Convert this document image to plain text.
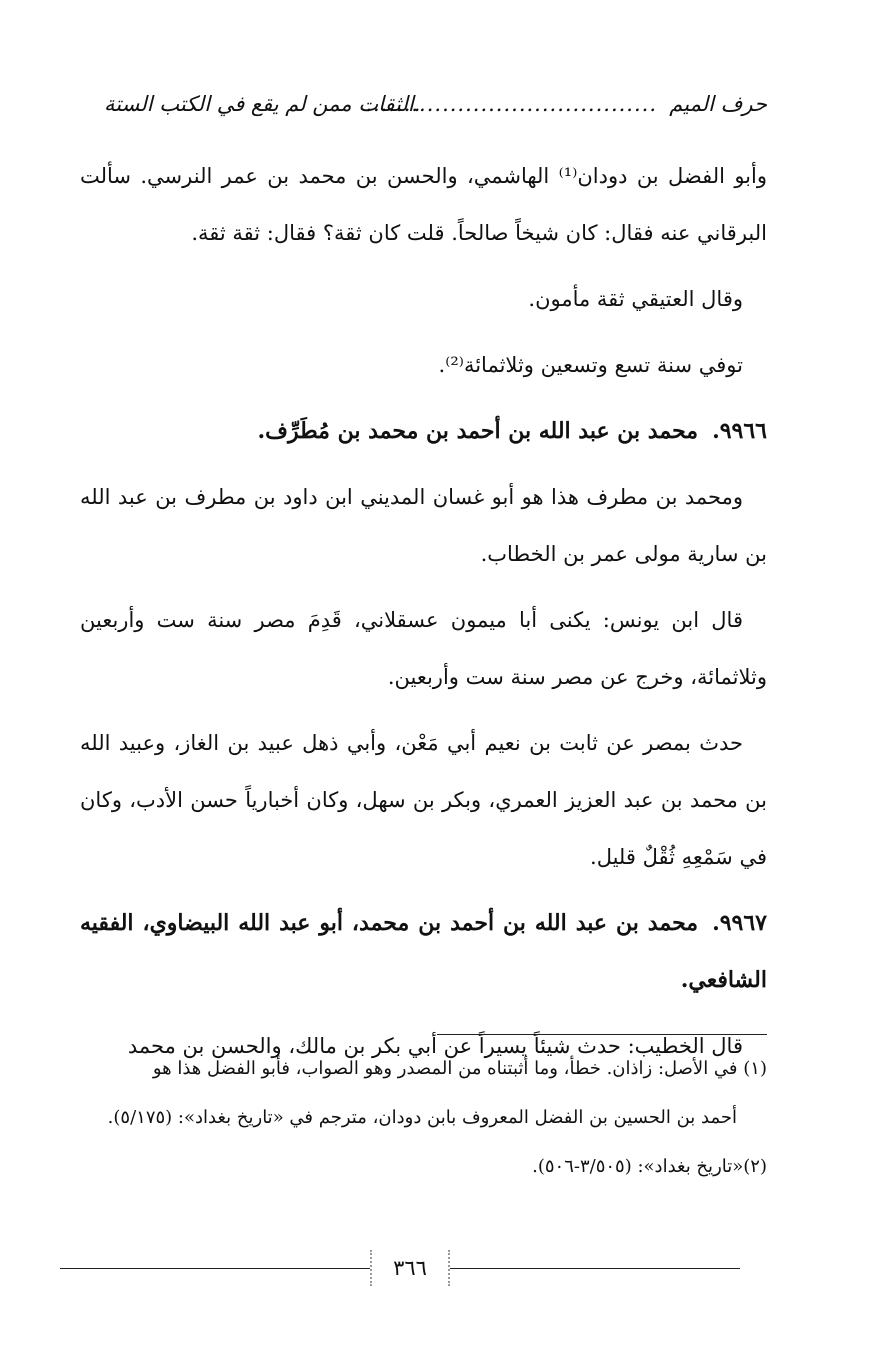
حرف الميم
......................................
.الثقات ممن لم يقع في الكتب الستة

وأبو الفضل بن دودان⁽¹⁾ الهاشمي، والحسن بن محمد بن عمر النرسي. سألت البرقاني عنه فقال: كان شيخاً صالحاً. قلت كان ثقة؟ فقال: ثقة ثقة.

وقال العتيقي ثقة مأمون.

توفي سنة تسع وتسعين وثلاثمائة⁽²⁾.

٩٩٦٦.محمد بن عبد الله بن أحمد بن محمد بن مُطَرِّف.

ومحمد بن مطرف هذا هو أبو غسان المديني ابن داود بن مطرف بن عبد الله بن سارية مولى عمر بن الخطاب.

قال ابن يونس: يكنى أبا ميمون عسقلاني، قَدِمَ مصر سنة ست وأربعين وثلاثمائة، وخرج عن مصر سنة ست وأربعين.

حدث بمصر عن ثابت بن نعيم أبي مَعْن، وأبي ذهل عبيد بن الغاز، وعبيد الله بن محمد بن عبد العزيز العمري، وبكر بن سهل، وكان أخبارياً حسن الأدب، وكان في سَمْعِهِ ثُقْلٌ قليل.

٩٩٦٧.محمد بن عبد الله بن أحمد بن محمد، أبو عبد الله البيضاوي، الفقيه الشافعي.

قال الخطيب: حدث شيئاً يسيراً عن أبي بكر بن مالك، والحسن بن محمد

(١) في الأصل: زاذان. خطأ، وما أثبتناه من المصدر وهو الصواب، فأبو الفضل هذا هو
أحمد بن الحسين بن الفضل المعروف بابن دودان، مترجم في «تاريخ بغداد»: (٥/١٧٥).

(٢)«تاريخ بغداد»: (٣/٥٠٥-٥٠٦).

٣٦٦
